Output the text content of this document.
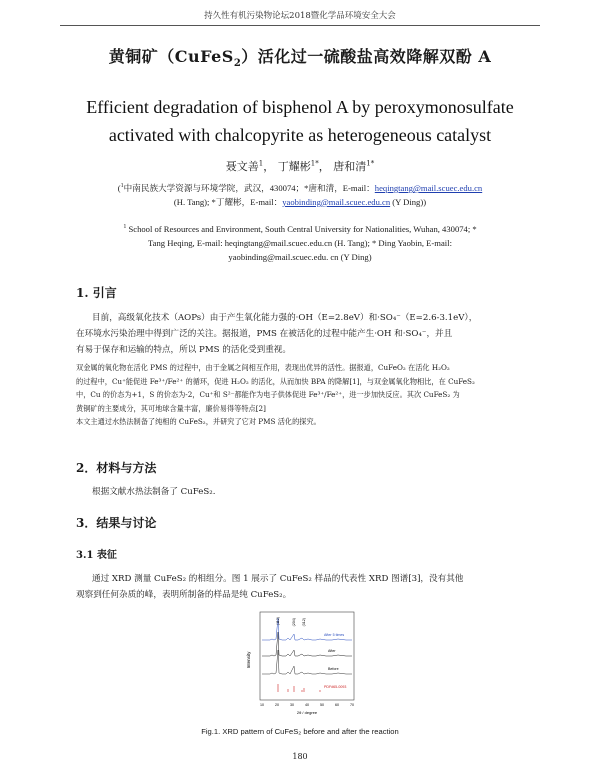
持久性有机污染物论坛2018暨化学品环境安全大会
黄铜矿（CuFeS$_2$）活化过一硫酸盐高效降解双酚 A
Efficient degradation of bisphenol A by peroxymonosulfate
activated with chalcopyrite as heterogeneous catalyst
聂文善$^1$， 丁耀彬$^{1*}$， 唐和清$^{1*}$
($^1$中南民族大学资源与环境学院，武汉，430074；*唐和清，E-mail：heqingtang@mail.scuec.edu.cn
(H. Tang); *丁耀彬，E-mail：yaobinding@mail.scuec.edu.cn (Y Ding))
$^1$ School of Resources and Environment, South Central University for Nationalities, Wuhan, 430074; *
Tang Heqing, E-mail: heqingtang@mail.scuec.edu.cn (H. Tang); * Ding Yaobin, E-mail:
yaobinding@mail.scuec.edu. cn (Y Ding)
1. 引言
目前，高级氧化技术（AOPs）由于产生氧化能力强的·OH（E=2.8eV）和·SO₄⁻（E=2.6-3.1eV），
在环境水污染治理中得到广泛的关注。据报道，PMS 在被活化的过程中能产生·OH 和·SO₄⁻，并且
有易于保存和运输的特点，所以 PMS 的活化受到重视。
双金属的氧化物在活化 PMS 的过程中，由于金属之间相互作用，表现出优异的活性。据报道，CuFeO₂ 在活化 H₂O₂
的过程中，Cu⁺能促进 Fe³⁺/Fe²⁺ 的循环，促进 H₂O₂ 的活化，从而加快 BPA 的降解[1]，与双金属氧化物相比，在 CuFeS₂
中，Cu 的价态为+1，S 的价态为-2，Cu⁺和 S²⁻都能作为电子供体促进 Fe³⁺/Fe²⁺，进一步加快反应。其次 CuFeS₂ 为
黄铜矿的主要成分，其可地球含量丰富，廉价易得等特点[2]
本文主通过水热法制备了纯相的 CuFeS₂，并研究了它对 PMS 活化的探究。
2．材料与方法
根据文献水热法制备了 CuFeS₂.
3．结果与讨论
3.1 表征
通过 XRD 测量 CuFeS₂ 的相组分。图 1 展示了 CuFeS₂ 样品的代表性 XRD 图谱[3]，没有其他
观察到任何杂质的峰，表明所制备的样品是纯 CuFeS₂。
Intensity
(112)	(204) (312)
After 5 times
After
Before
PDF#65-0093
10	20	30	40	50	60	70
2θ / degree
Fig.1. XRD pattern of CuFeS₂ before and after the reaction
180
